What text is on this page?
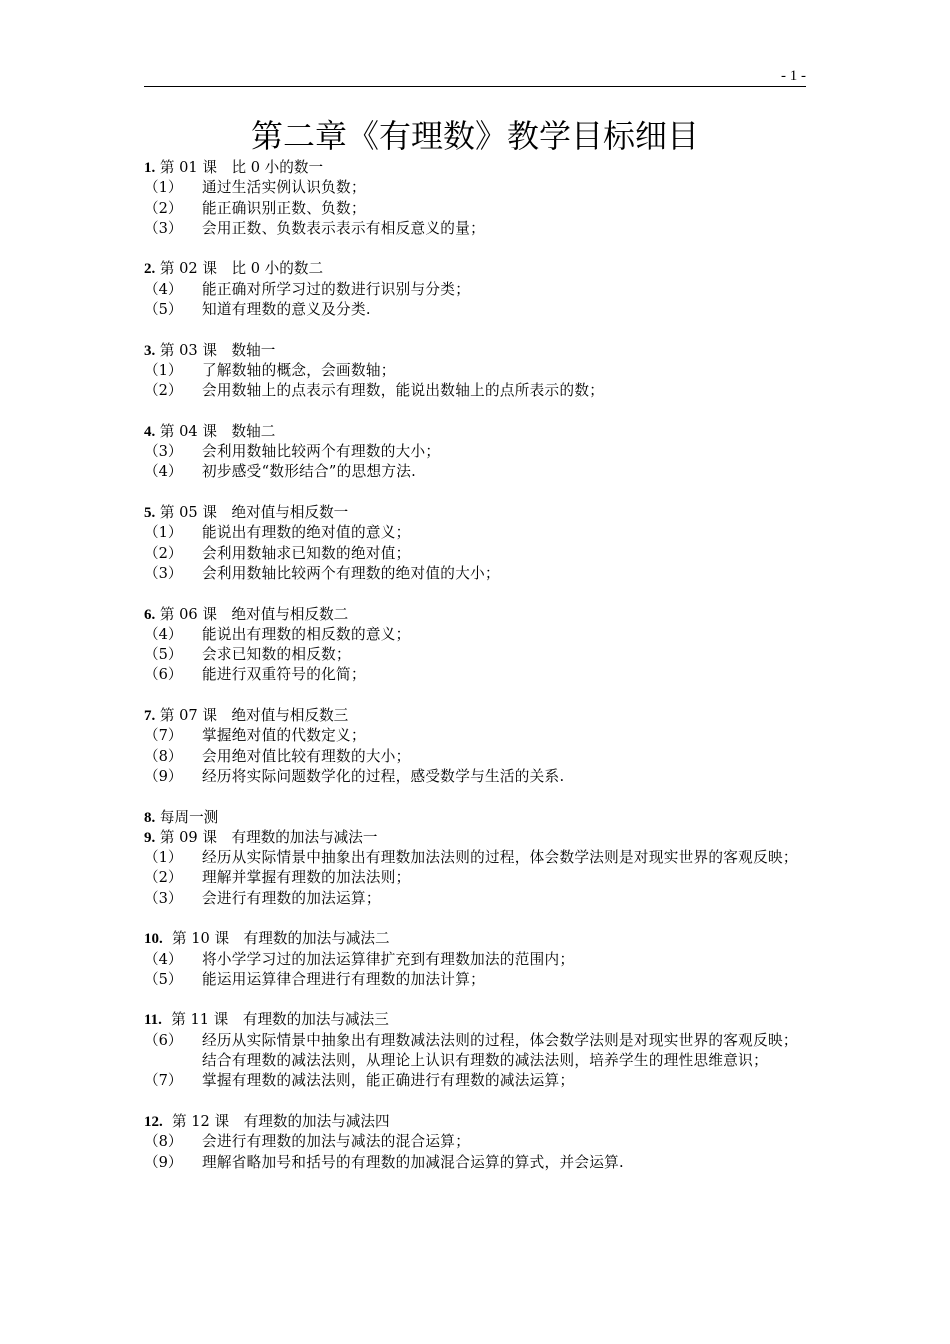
- 1 -
第二章《有理数》教学目标细目
1. 第 01 课　比 0 小的数一
（1）	通过生活实例认识负数；
（2）	能正确识别正数、负数；
（3）	会用正数、负数表示表示有相反意义的量；
2. 第 02 课　比 0 小的数二
（4）	能正确对所学习过的数进行识别与分类；
（5）	知道有理数的意义及分类.
3. 第 03 课　数轴一
（1）	了解数轴的概念，会画数轴；
（2）	会用数轴上的点表示有理数，能说出数轴上的点所表示的数；
4. 第 04 课　数轴二
（3）	会利用数轴比较两个有理数的大小；
（4）	初步感受“数形结合”的思想方法.
5. 第 05 课　绝对值与相反数一
（1）	能说出有理数的绝对值的意义；
（2）	会利用数轴求已知数的绝对值；
（3）	会利用数轴比较两个有理数的绝对值的大小；
6. 第 06 课　绝对值与相反数二
（4）	能说出有理数的相反数的意义；
（5）	会求已知数的相反数；
（6）	能进行双重符号的化简；
7. 第 07 课　绝对值与相反数三
（7）	掌握绝对值的代数定义；
（8）	会用绝对值比较有理数的大小；
（9）	经历将实际问题数学化的过程，感受数学与生活的关系.
8. 每周一测
9. 第 09 课　有理数的加法与减法一
（1）	经历从实际情景中抽象出有理数加法法则的过程，体会数学法则是对现实世界的客观反映；
（2）	理解并掌握有理数的加法法则；
（3）	会进行有理数的加法运算；
10.  第 10 课　有理数的加法与减法二
（4）	将小学学习过的加法运算律扩充到有理数加法的范围内；
（5）	能运用运算律合理进行有理数的加法计算；
11.  第 11 课　有理数的加法与减法三
（6）	经历从实际情景中抽象出有理数减法法则的过程，体会数学法则是对现实世界的客观反映；结合有理数的减法法则，从理论上认识有理数的减法法则，培养学生的理性思维意识；
（7）	掌握有理数的减法法则，能正确进行有理数的减法运算；
12.  第 12 课　有理数的加法与减法四
（8）	会进行有理数的加法与减法的混合运算；
（9）	理解省略加号和括号的有理数的加减混合运算的算式，并会运算.
